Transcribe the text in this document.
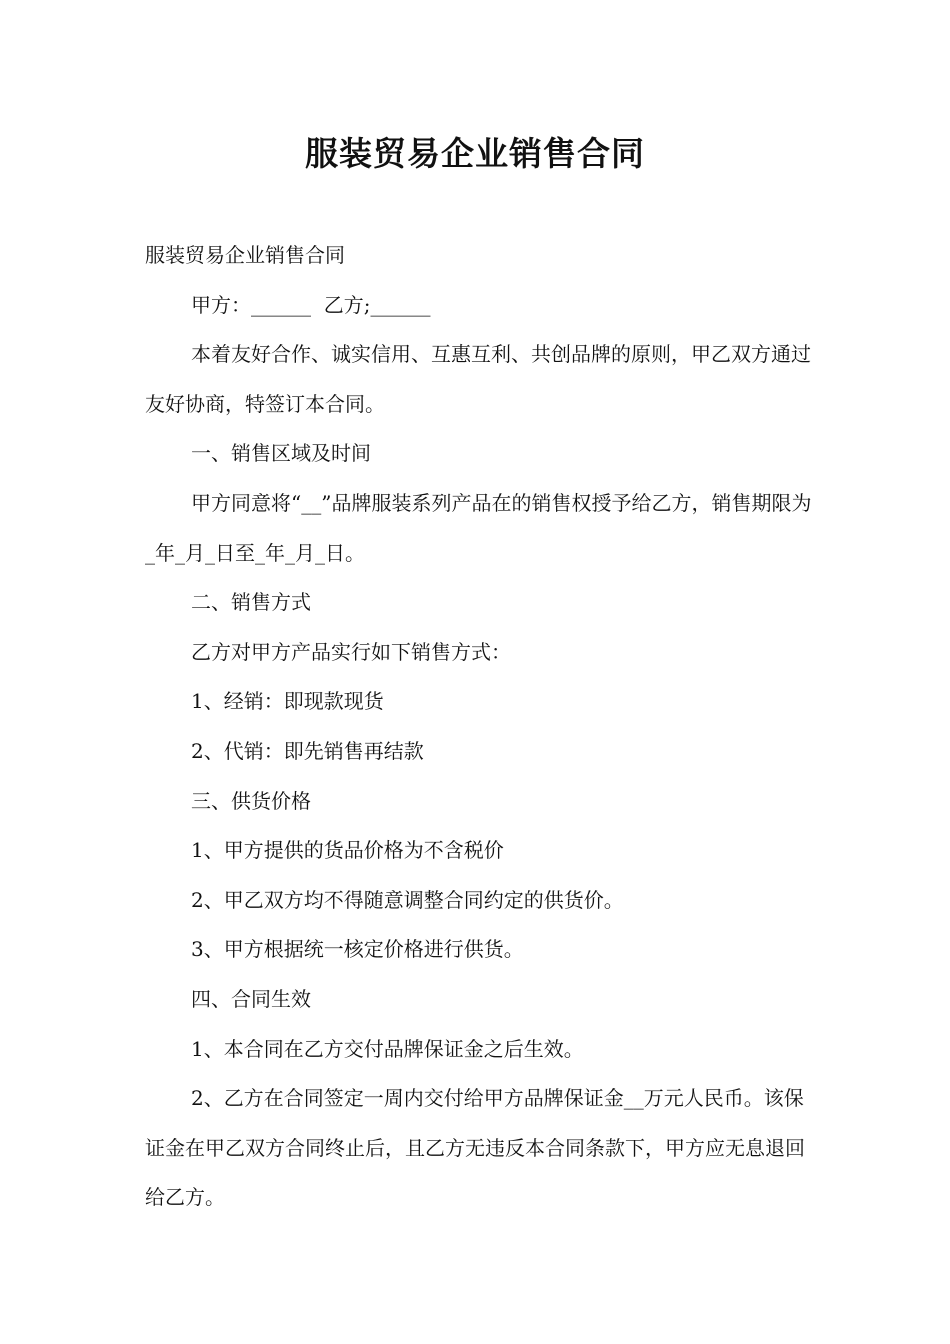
服装贸易企业销售合同

服装贸易企业销售合同

甲方：______  乙方;______

本着友好合作、诚实信用、互惠互利、共创品牌的原则，甲乙双方通过友好协商，特签订本合同。

一、销售区域及时间

甲方同意将“__”品牌服装系列产品在的销售权授予给乙方，销售期限为_年_月_日至_年_月_日。

二、销售方式

乙方对甲方产品实行如下销售方式：

1、经销：即现款现货

2、代销：即先销售再结款

三、供货价格

1、甲方提供的货品价格为不含税价

2、甲乙双方均不得随意调整合同约定的供货价。

3、甲方根据统一核定价格进行供货。

四、合同生效

1、本合同在乙方交付品牌保证金之后生效。

2、乙方在合同签定一周内交付给甲方品牌保证金__万元人民币。该保证金在甲乙双方合同终止后，且乙方无违反本合同条款下，甲方应无息退回给乙方。
